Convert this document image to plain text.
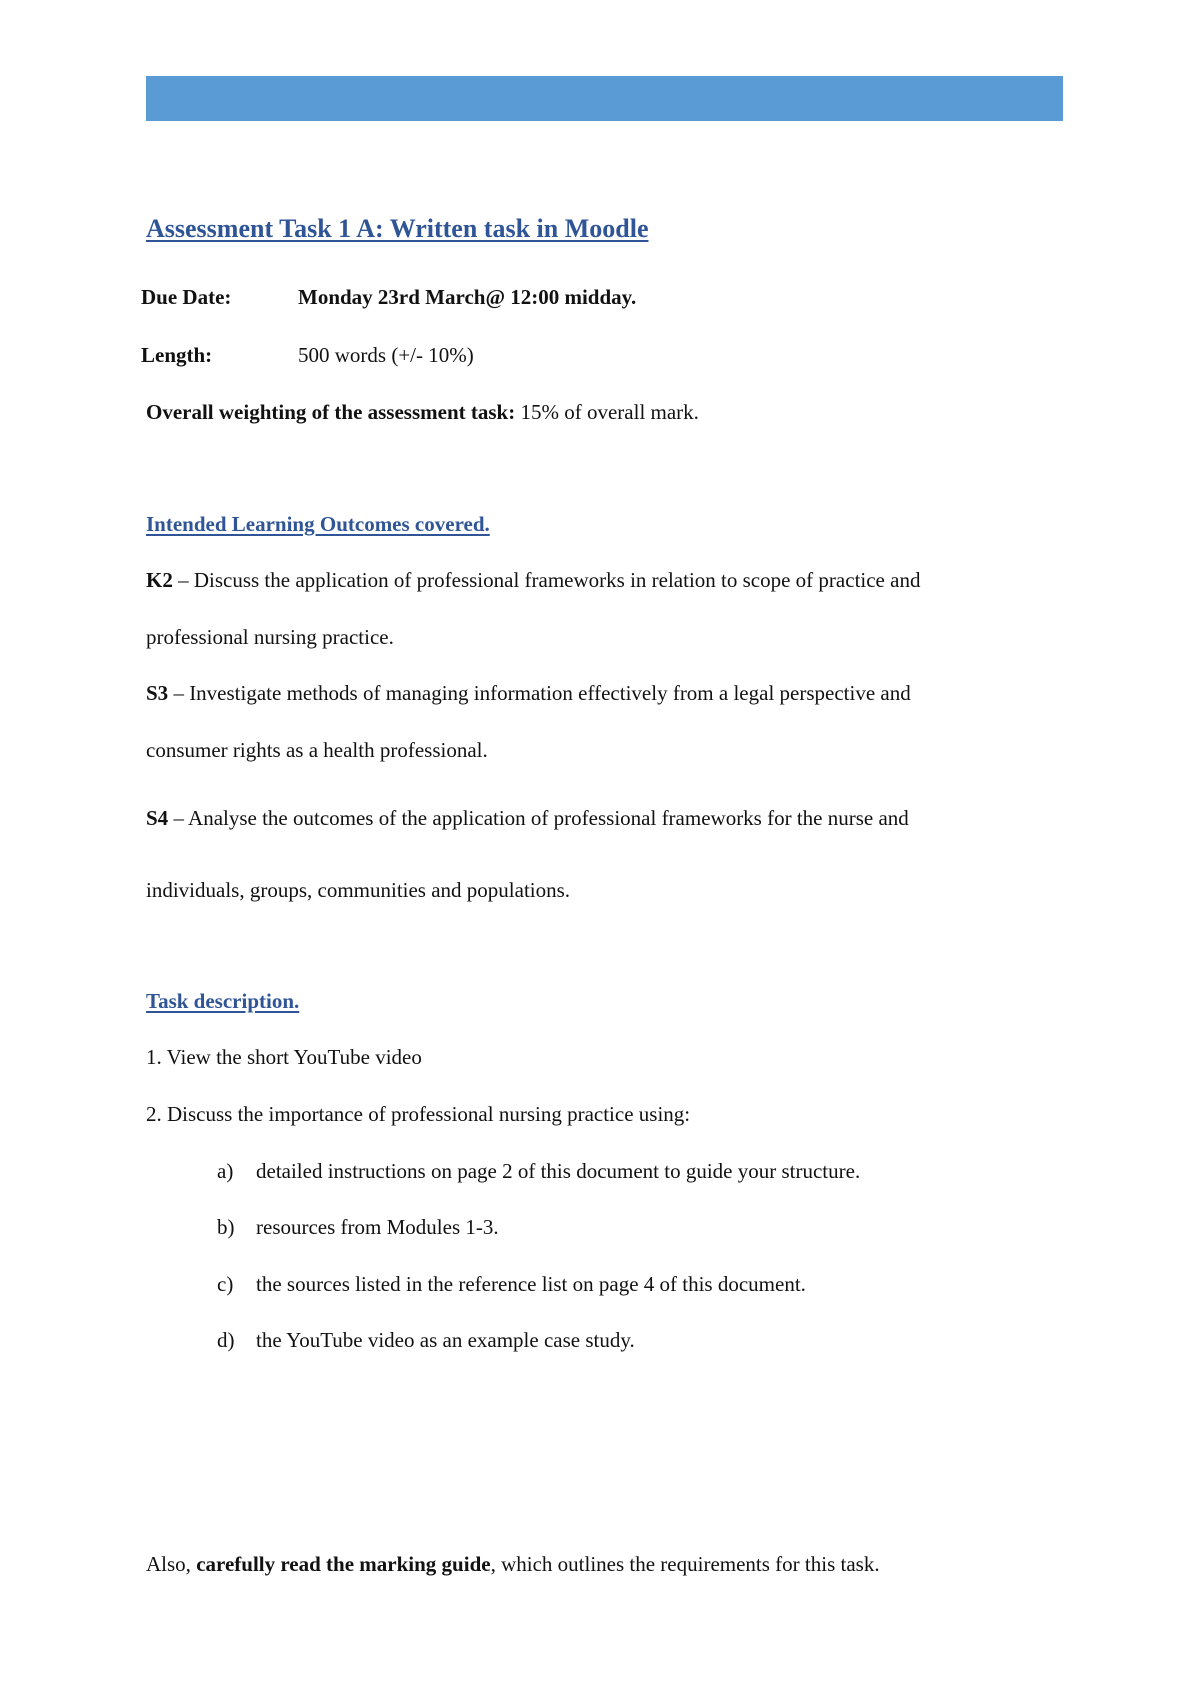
Assessment Task 1 A: Written task in Moodle
Due Date:	Monday 23rd March@ 12:00 midday.
Length:	500 words (+/- 10%)
Overall weighting of the assessment task: 15% of overall mark.
Intended Learning Outcomes covered.
K2 – Discuss the application of professional frameworks in relation to scope of practice and
professional nursing practice.
S3 – Investigate methods of managing information effectively from a legal perspective and
consumer rights as a health professional.
S4 – Analyse the outcomes of the application of professional frameworks for the nurse and
individuals, groups, communities and populations.
Task description.
1. View the short YouTube video
2. Discuss the importance of professional nursing practice using:
a) detailed instructions on page 2 of this document to guide your structure.
b) resources from Modules 1-3.
c) the sources listed in the reference list on page 4 of this document.
d) the YouTube video as an example case study.
Also, carefully read the marking guide, which outlines the requirements for this task.
